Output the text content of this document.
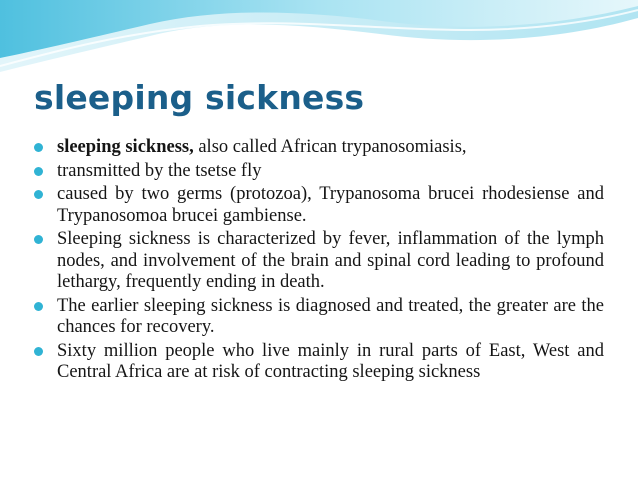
sleeping sickness
sleeping sickness, also called African trypanosomiasis,
transmitted by the tsetse fly
caused by two germs (protozoa), Trypanosoma brucei rhodesiense and Trypanosomoa brucei gambiense.
Sleeping sickness is characterized by fever, inflammation of the lymph nodes, and involvement of the brain and spinal cord leading to profound lethargy, frequently ending in death.
The earlier sleeping sickness is diagnosed and treated, the greater are the chances for recovery.
Sixty million people who live mainly in rural parts of East, West and Central Africa are at risk of contracting sleeping sickness
